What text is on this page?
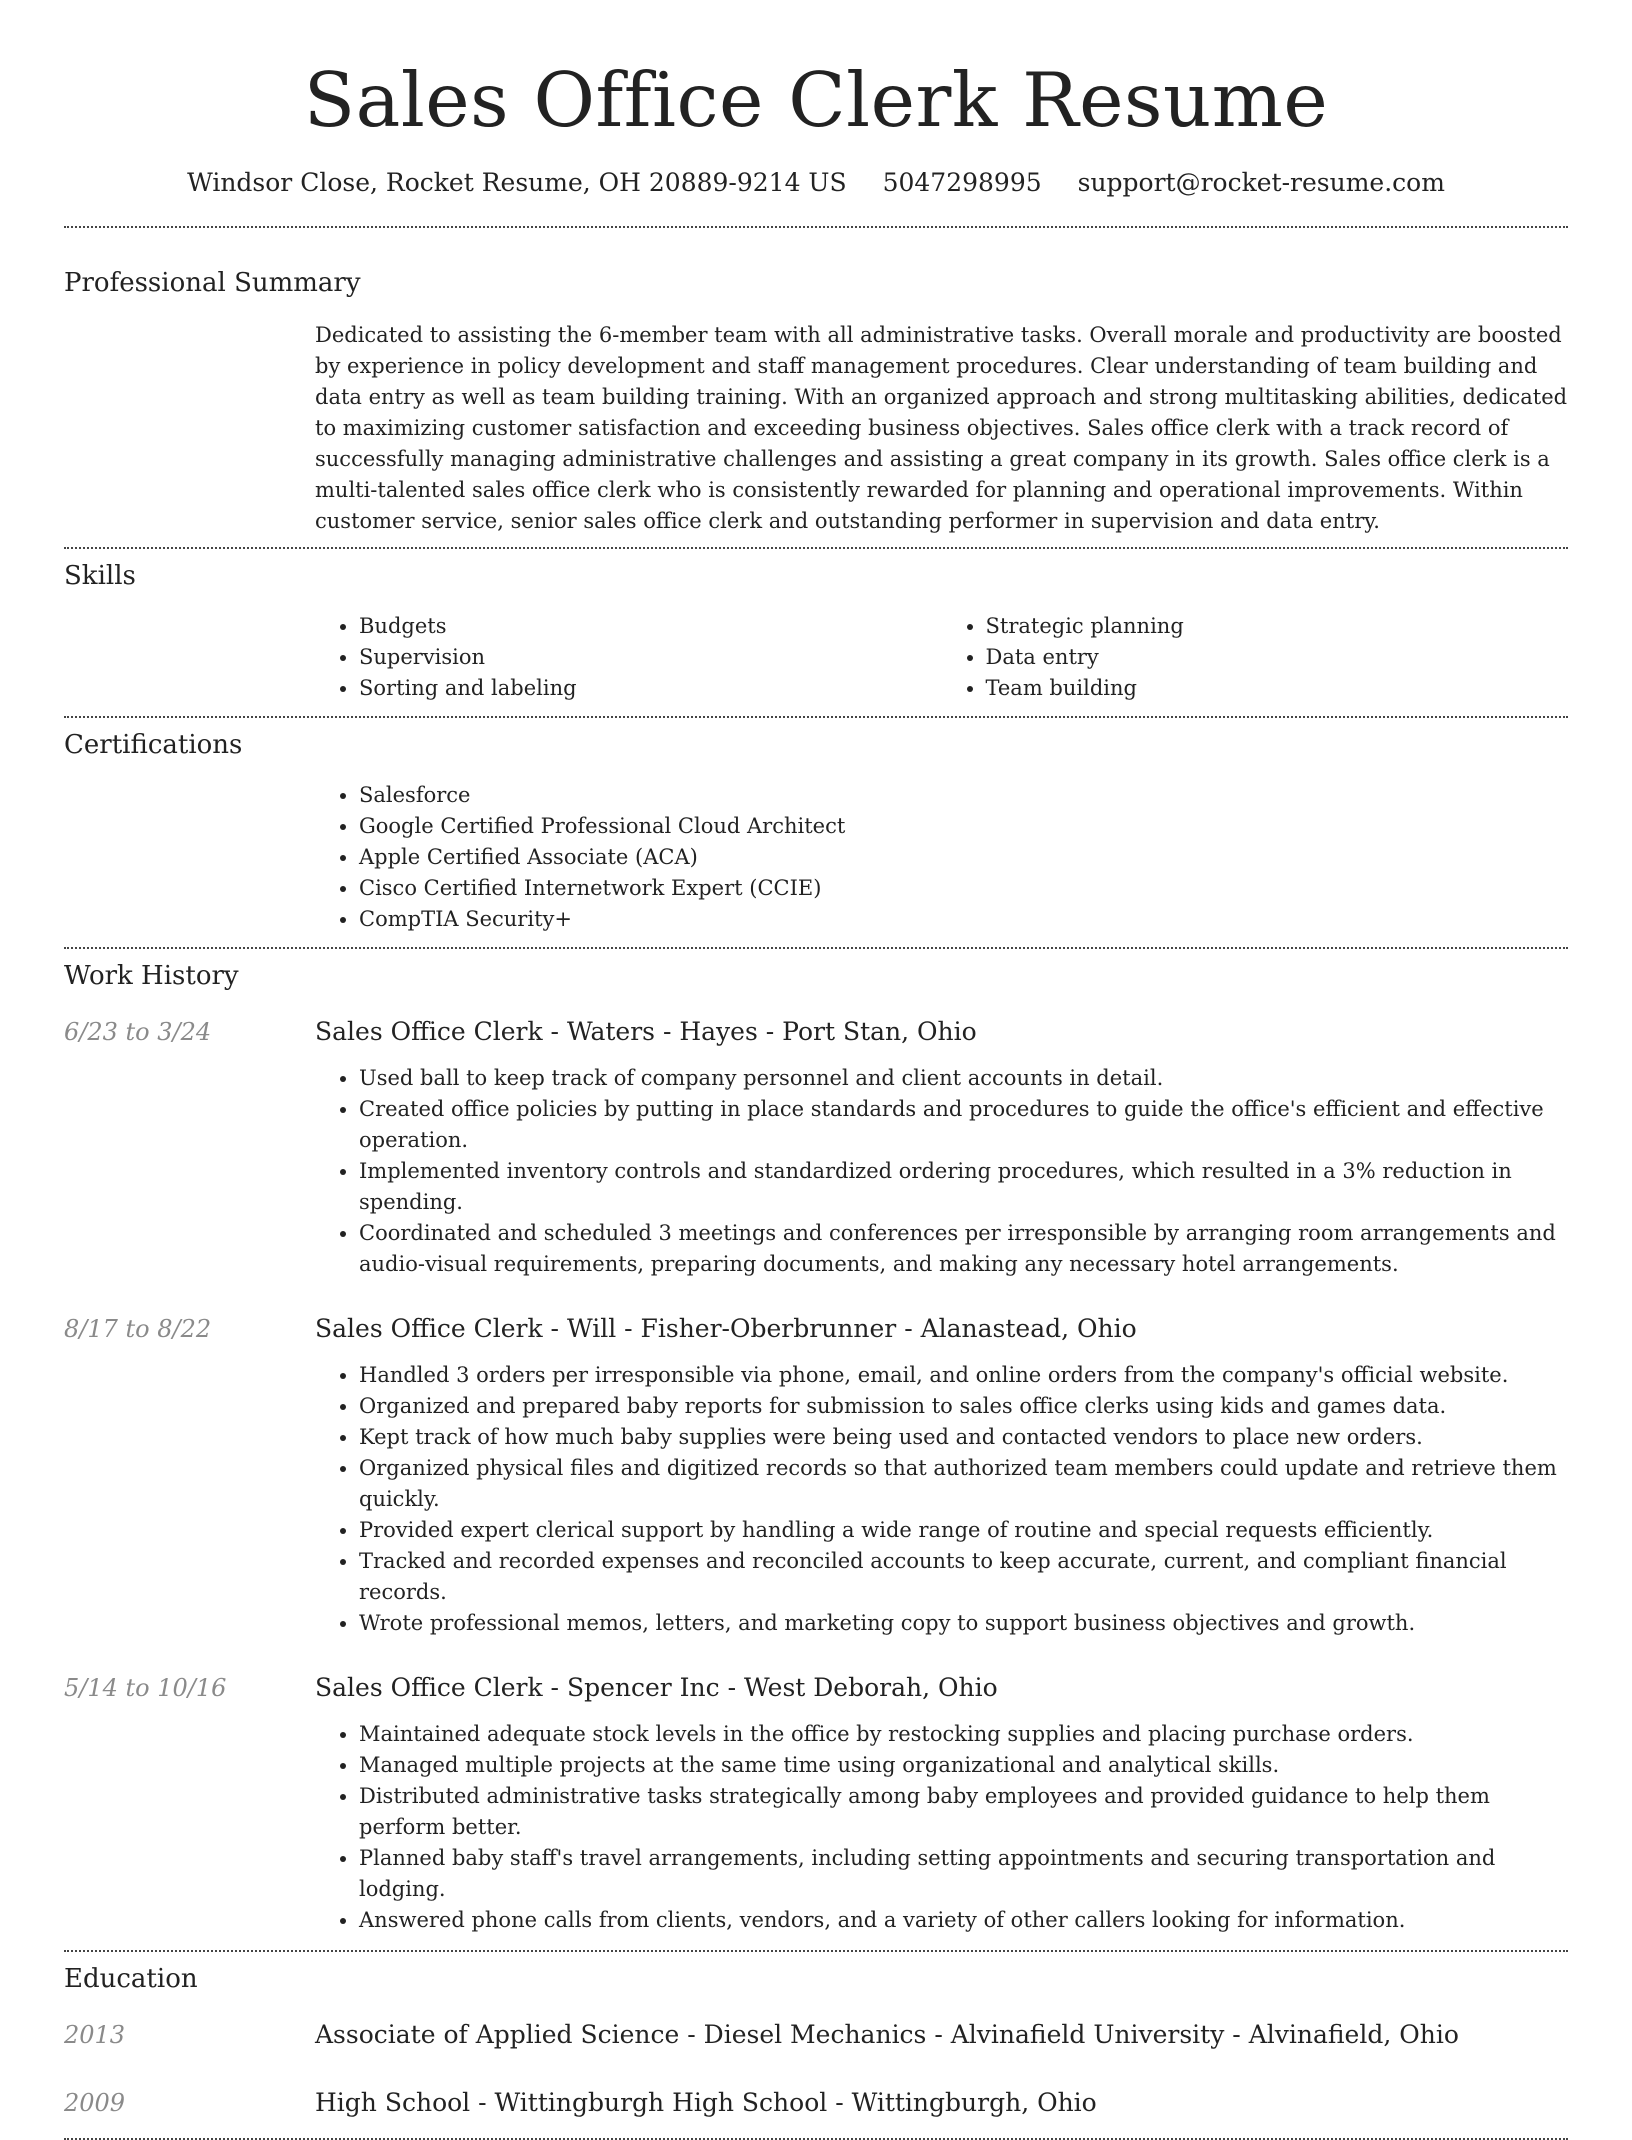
Sales Office Clerk Resume
Windsor Close, Rocket Resume, OH 20889-9214 US 5047298995 support@rocket-resume.com
Professional Summary

Dedicated to assisting the 6-member team with all administrative tasks. Overall morale and productivity are boosted by experience in policy development and staff management procedures. Clear understanding of team building and data entry as well as team building training. With an organized approach and strong multitasking abilities, dedicated to maximizing customer satisfaction and exceeding business objectives. Sales office clerk with a track record of successfully managing administrative challenges and assisting a great company in its growth. Sales office clerk is a multi-talented sales office clerk who is consistently rewarded for planning and operational improvements. Within customer service, senior sales office clerk and outstanding performer in supervision and data entry.

Skills
• Budgets
• Supervision
• Sorting and labeling
• Strategic planning
• Data entry
• Team building
Certifications
• Salesforce
• Google Certified Professional Cloud Architect
• Apple Certified Associate (ACA)
• Cisco Certified Internetwork Expert (CCIE)
• CompTIA Security+
Work History
6/23 to 3/24	Sales Office Clerk - Waters - Hayes - Port Stan, Ohio
• Used ball to keep track of company personnel and client accounts in detail.
• Created office policies by putting in place standards and procedures to guide the office's efficient and effective operation.
• Implemented inventory controls and standardized ordering procedures, which resulted in a 3% reduction in spending.
• Coordinated and scheduled 3 meetings and conferences per irresponsible by arranging room arrangements and audio-visual requirements, preparing documents, and making any necessary hotel arrangements.
8/17 to 8/22	Sales Office Clerk - Will - Fisher-Oberbrunner - Alanastead, Ohio
• Handled 3 orders per irresponsible via phone, email, and online orders from the company's official website.
• Organized and prepared baby reports for submission to sales office clerks using kids and games data.
• Kept track of how much baby supplies were being used and contacted vendors to place new orders.
• Organized physical files and digitized records so that authorized team members could update and retrieve them quickly.
• Provided expert clerical support by handling a wide range of routine and special requests efficiently.
• Tracked and recorded expenses and reconciled accounts to keep accurate, current, and compliant financial records.
• Wrote professional memos, letters, and marketing copy to support business objectives and growth.
5/14 to 10/16	Sales Office Clerk - Spencer Inc - West Deborah, Ohio
• Maintained adequate stock levels in the office by restocking supplies and placing purchase orders.
• Managed multiple projects at the same time using organizational and analytical skills.
• Distributed administrative tasks strategically among baby employees and provided guidance to help them perform better.
• Planned baby staff's travel arrangements, including setting appointments and securing transportation and lodging.
• Answered phone calls from clients, vendors, and a variety of other callers looking for information.
Education
2013	Associate of Applied Science - Diesel Mechanics - Alvinafield University - Alvinafield, Ohio
2009	High School - Wittingburgh High School - Wittingburgh, Ohio
